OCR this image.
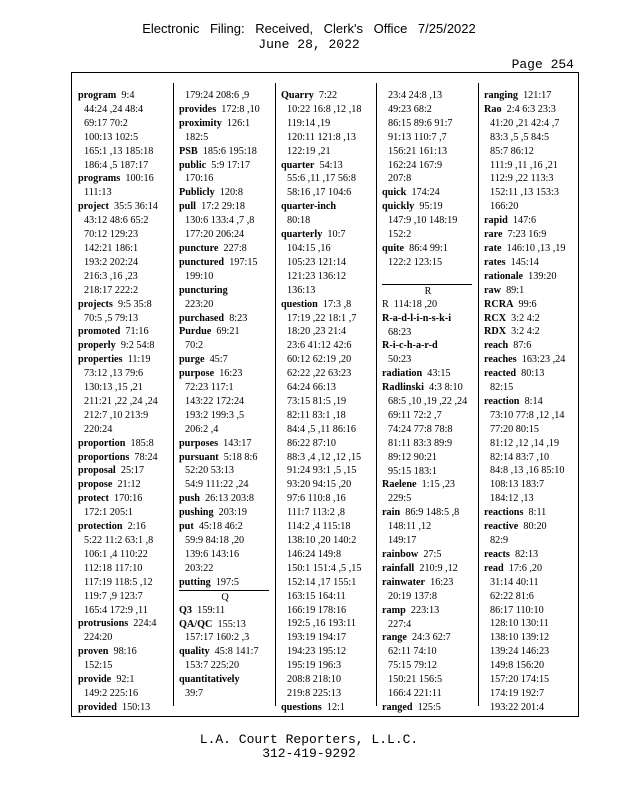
Electronic Filing: Received, Clerk's Office 7/25/2022
June 28, 2022
Page 254
program 9:4
44:24 ,24 48:4
69:17 70:2
100:13 102:5
165:1 ,13 185:18
186:4 ,5 187:17
programs 100:16
111:13
project 35:5 36:14
43:12 48:6 65:2
70:12 129:23
142:21 186:1
193:2 202:24
216:3 ,16 ,23
218:17 222:2
projects 9:5 35:8
70:5 ,5 79:13
promoted 71:16
properly 9:2 54:8
properties 11:19
73:12 ,13 79:6
130:13 ,15 ,21
211:21 ,22 ,24 ,24
212:7 ,10 213:9
220:24
proportion 185:8
proportions 78:24
proposal 25:17
propose 21:12
protect 170:16
172:1 205:1
protection 2:16
5:22 11:2 63:1 ,8
106:1 ,4 110:22
112:18 117:10
117:19 118:5 ,12
119:7 ,9 123:7
165:4 172:9 ,11
protrusions 224:4
224:20
proven 98:16
152:15
provide 92:1
149:2 225:16
provided 150:13
179:24 208:6 ,9
provides 172:8 ,10
proximity 126:1
182:5
PSB 185:6 195:18
public 5:9 17:17
170:16
Publicly 120:8
pull 17:2 29:18
130:6 133:4 ,7 ,8
177:20 206:24
puncture 227:8
punctured 197:15
199:10
puncturing
223:20
purchased 8:23
Purdue 69:21
70:2
purge 45:7
purpose 16:23
72:23 117:1
143:22 172:24
193:2 199:3 ,5
206:2 ,4
purposes 143:17
pursuant 5:18 8:6
52:20 53:13
54:9 111:22 ,24
push 26:13 203:8
pushing 203:19
put 45:18 46:2
59:9 84:18 ,20
139:6 143:16
203:22
putting 197:5
Q
Q3 159:11
QA/QC 155:13
157:17 160:2 ,3
quality 45:8 141:7
153:7 225:20
quantitatively
39:7
Quarry 7:22
10:22 16:8 ,12 ,18
119:14 ,19
120:11 121:8 ,13
122:19 ,21
quarter 54:13
55:6 ,11 ,17 56:8
58:16 ,17 104:6
quarter-inch
80:18
quarterly 10:7
104:15 ,16
105:23 121:14
121:23 136:12
136:13
question 17:3 ,8
17:19 ,22 18:1 ,7
18:20 ,23 21:4
23:6 41:12 42:6
60:12 62:19 ,20
62:22 ,22 63:23
64:24 66:13
73:15 81:5 ,19
82:11 83:1 ,18
84:4 ,5 ,11 86:16
86:22 87:10
88:3 ,4 ,12 ,12 ,15
91:24 93:1 ,5 ,15
93:20 94:15 ,20
97:6 110:8 ,16
111:7 113:2 ,8
114:2 ,4 115:18
138:10 ,20 140:2
146:24 149:8
150:1 151:4 ,5 ,15
152:14 ,17 155:1
163:15 164:11
166:19 178:16
192:5 ,16 193:11
193:19 194:17
194:23 195:12
195:19 196:3
208:8 218:10
219:8 225:13
questions 12:1
23:4 24:8 ,13
49:23 68:2
86:15 89:6 91:7
91:13 110:7 ,7
156:21 161:13
162:24 167:9
207:8
quick 174:24
quickly 95:19
147:9 ,10 148:19
152:2
quite 86:4 99:1
122:2 123:15

R
R 114:18 ,20
R-a-d-l-i-n-s-k-i
68:23
R-i-c-h-a-r-d
50:23
radiation 43:15
Radlinski 4:3 8:10
68:5 ,10 ,19 ,22 ,24
69:11 72:2 ,7
74:24 77:8 78:8
81:11 83:3 89:9
89:12 90:21
95:15 183:1
Raelene 1:15 ,23
229:5
rain 86:9 148:5 ,8
148:11 ,12
149:17
rainbow 27:5
rainfall 210:9 ,12
rainwater 16:23
20:19 137:8
ramp 223:13
227:4
range 24:3 62:7
62:11 74:10
75:15 79:12
150:21 156:5
166:4 221:11
ranged 125:5
ranging 121:17
Rao 2:4 6:3 23:3
41:20 ,21 42:4 ,7
83:3 ,5 ,5 84:5
85:7 86:12
111:9 ,11 ,16 ,21
112:9 ,22 113:3
152:11 ,13 153:3
166:20
rapid 147:6
rare 7:23 16:9
rate 146:10 ,13 ,19
rates 145:14
rationale 139:20
raw 89:1
RCRA 99:6
RCX 3:2 4:2
RDX 3:2 4:2
reach 87:6
reaches 163:23 ,24
reacted 80:13
82:15
reaction 8:14
73:10 77:8 ,12 ,14
77:20 80:15
81:12 ,12 ,14 ,19
82:14 83:7 ,10
84:8 ,13 ,16 85:10
108:13 183:7
184:12 ,13
reactions 8:11
reactive 80:20
82:9
reacts 82:13
read 17:6 ,20
31:14 40:11
62:22 81:6
86:17 110:10
128:10 130:11
138:10 139:12
139:24 146:23
149:8 156:20
157:20 174:15
174:19 192:7
193:22 201:4
L.A. Court Reporters, L.L.C.
312-419-9292
